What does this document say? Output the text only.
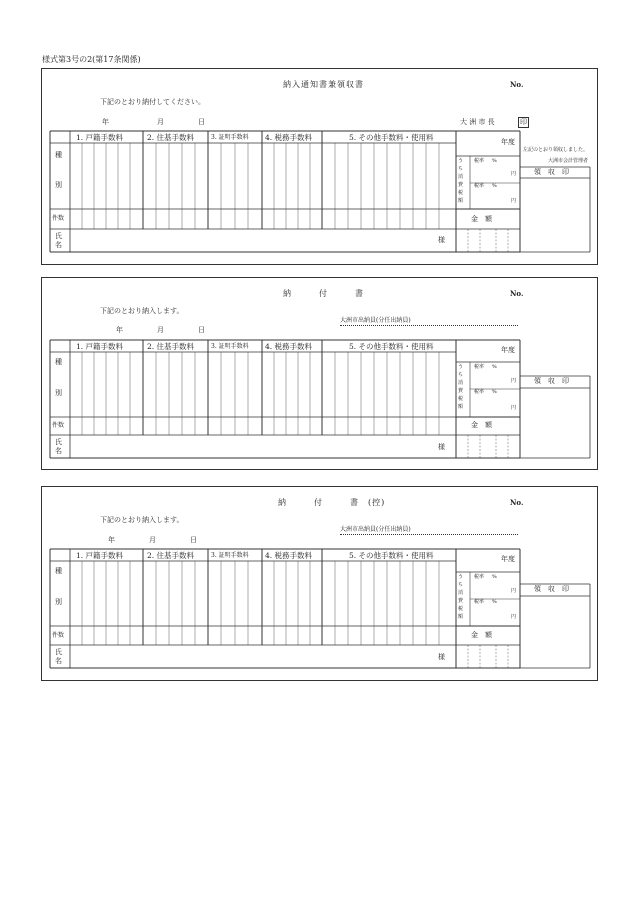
様式第3号の2(第17条関係)
納入通知書兼領収書	No.
下記のとおり納付してください。
年	月	日	大 洲 市 長	印
1. 戸籍手数料	2. 住基手数料	3. 証明手数料 4. 税務手数料	5. その他手数料・使用料	年度
種
別
件数
氏
名
様
う
ち
消
費
税
額
税率 %
円
税率 %
円
金　額
左記のとおり領収しました。
大洲市会計管理者
領　収　印
納　　　付　　　書	No.
下記のとおり納入します。
大洲市出納員(分任出納員)
年	月	日
1. 戸籍手数料	2. 住基手数料	3. 証明手数料 4. 税務手数料	5. その他手数料・使用料	年度
種
別
件数
氏
名	様
う
ち
消
費
税
額
税率 %
円
税率 %
円
金　額
領　収　印
納　　　付　　　書　(控)	No.
下記のとおり納入します。
大洲市出納員(分任出納員)
年	月	日
1. 戸籍手数料	2. 住基手数料	3. 証明手数料 4. 税務手数料	5. その他手数料・使用料	年度
種
別
件数
氏
名	様
う
ち
消
費
税
額
税率 %
円
税率 %
円
金　額
領　収　印
